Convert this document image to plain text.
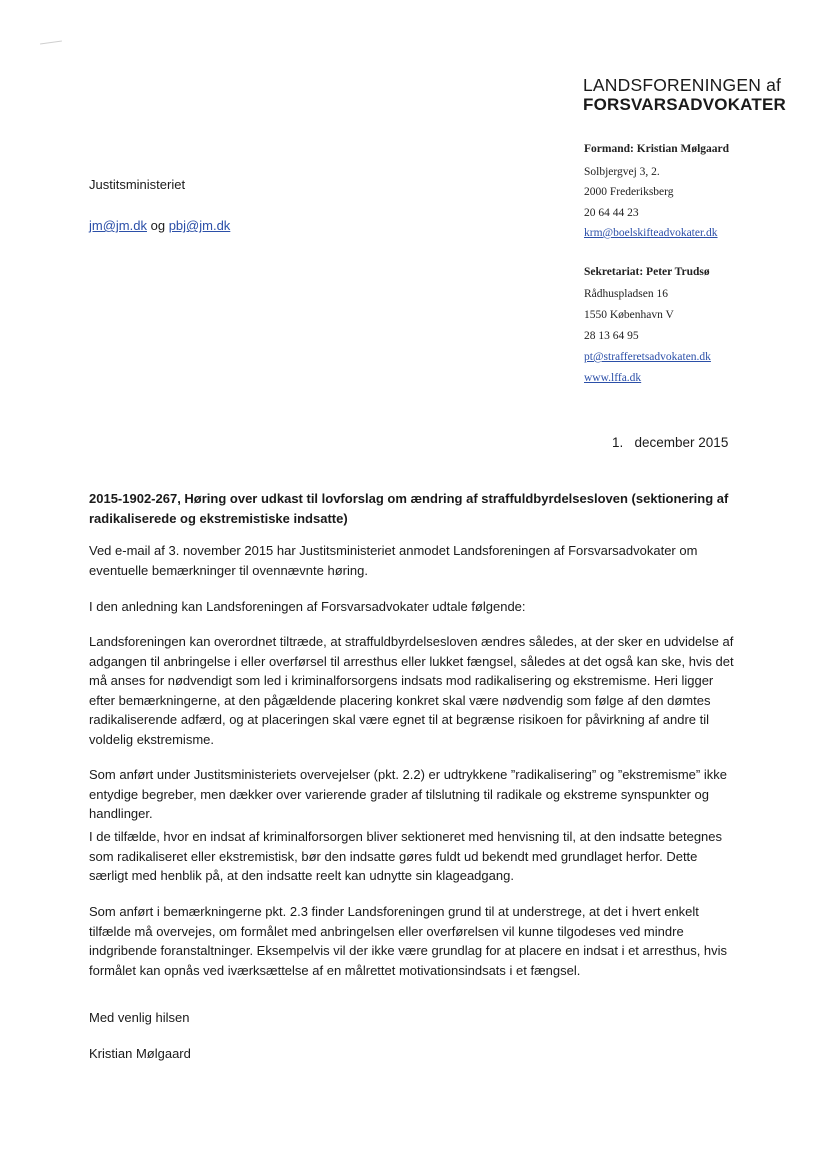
LANDSFORENINGEN af
FORSVARSADVOKATER
Formand: Kristian Mølgaard
Solbjergvej 3, 2.
2000 Frederiksberg
20 64 44 23
krm@boelskifteadvokater.dk
Sekretariat: Peter Trudsø
Rådhuspladsen 16
1550 København V
28 13 64 95
pt@strafferetsadvokaten.dk
www.lffa.dk
Justitsministeriet
jm@jm.dk og pbj@jm.dk
1.   december 2015
2015-1902-267, Høring over udkast til lovforslag om ændring af straffuldbyrdelsesloven (sektionering af radikaliserede og ekstremistiske indsatte)
Ved e-mail af 3. november 2015 har Justitsministeriet anmodet Landsforeningen af Forsvarsadvokater om eventuelle bemærkninger til ovennævnte høring.
I den anledning kan Landsforeningen af Forsvarsadvokater udtale følgende:
Landsforeningen kan overordnet tiltræde, at straffuldbyrdelsesloven ændres således, at der sker en udvidelse af adgangen til anbringelse i eller overførsel til arresthus eller lukket fængsel, således at det også kan ske, hvis det må anses for nødvendigt som led i kriminalforsorgens indsats mod radikalisering og ekstremisme. Heri ligger efter bemærkningerne, at den pågældende placering konkret skal være nødvendig som følge af den dømtes radikaliserende adfærd, og at placeringen skal være egnet til at begrænse risikoen for påvirkning af andre til voldelig ekstremisme.
Som anført under Justitsministeriets overvejelser (pkt. 2.2) er udtrykkene ”radikalisering” og ”ekstremisme” ikke entydige begreber, men dækker over varierende grader af tilslutning til radikale og ekstreme synspunkter og handlinger.
I de tilfælde, hvor en indsat af kriminalforsorgen bliver sektioneret med henvisning til, at den indsatte betegnes som radikaliseret eller ekstremistisk, bør den indsatte gøres fuldt ud bekendt med grundlaget herfor. Dette særligt med henblik på, at den indsatte reelt kan udnytte sin klageadgang.
Som anført i bemærkningerne pkt. 2.3 finder Landsforeningen grund til at understrege, at det i hvert enkelt tilfælde må overvejes, om formålet med anbringelsen eller overførelsen vil kunne tilgodeses ved mindre indgribende foranstaltninger. Eksempelvis vil der ikke være grundlag for at placere en indsat i et arresthus, hvis formålet kan opnås ved iværksættelse af en målrettet motivationsindsats i et fængsel.
Med venlig hilsen
Kristian Mølgaard
